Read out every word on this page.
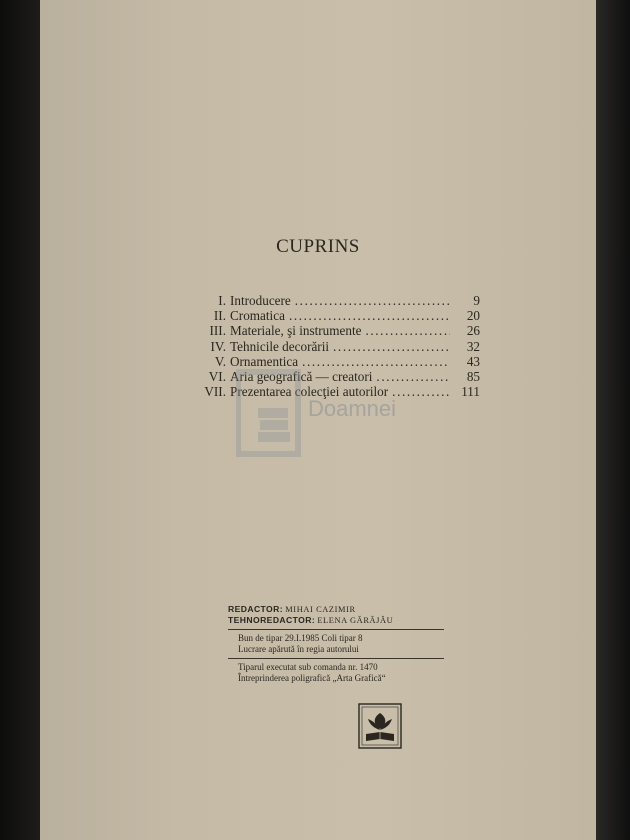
CUPRINS
I. Introducere .....	9
II. Cromatica .....	20
III. Materiale, şi instrumente .....	26
IV. Tehnicile decorării .....	32
V. Ornamentica .....	43
VI. Aria geografică — creatori .....	85
VII. Prezentarea colecţiei autorilor .....	111
Doamnei
REDACTOR: MIHAI CAZIMIR
TEHNOREDACTOR: ELENA GĂRĂJĂU
Bun de tipar 29.I.1985 Coli tipar 8
Lucrare apărută în regia autorului
Tiparul executat sub comanda nr. 1470
Întreprinderea poligrafică „Arta Grafică“
